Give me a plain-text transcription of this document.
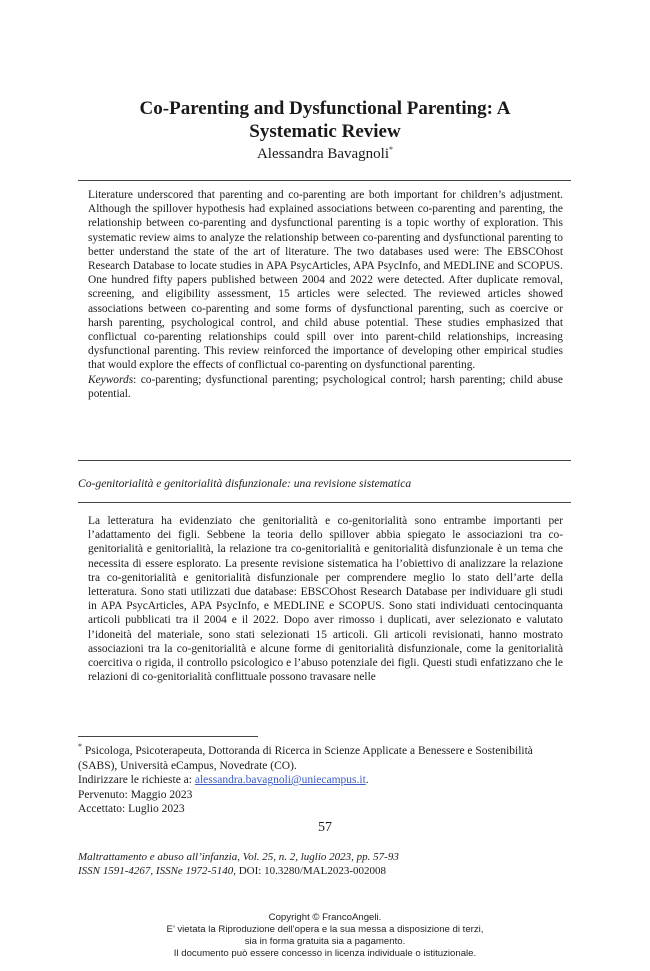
Co-Parenting and Dysfunctional Parenting: A
Systematic Review
Alessandra Bavagnoli*

Literature underscored that parenting and co-parenting are both important for children’s adjustment. Although the spillover hypothesis had explained associations between co-parenting and parenting, the relationship between co-parenting and dysfunctional parenting is a topic worthy of exploration. This systematic review aims to analyze the relationship between co-parenting and dysfunctional parenting to better understand the state of the art of literature. The two databases used were: The EBSCOhost Research Database to locate studies in APA PsycArticles, APA PsycInfo, and MEDLINE and SCOPUS. One hundred fifty papers published between 2004 and 2022 were detected. After duplicate removal, screening, and eligibility assessment, 15 articles were selected. The reviewed articles showed associations between co-parenting and some forms of dysfunctional parenting, such as coercive or harsh parenting, psychological control, and child abuse potential. These studies emphasized that conflictual co-parenting relationships could spill over into parent-child relationships, increasing dysfunctional parenting. This review reinforced the importance of developing other empirical studies that would explore the effects of conflictual co-parenting on dysfunctional parenting.

Keywords: co-parenting; dysfunctional parenting; psychological control; harsh parenting; child abuse potential.

Co-genitorialità e genitorialità disfunzionale: una revisione sistematica

La letteratura ha evidenziato che genitorialità e co-genitorialità sono entrambe importanti per l’adattamento dei figli. Sebbene la teoria dello spillover abbia spiegato le associazioni tra co-genitorialità e genitorialità, la relazione tra co-genitorialità e genitorialità disfunzionale è un tema che necessita di essere esplorato. La presente revisione sistematica ha l’obiettivo di analizzare la relazione tra co-genitorialità e genitorialità disfunzionale per comprendere meglio lo stato dell’arte della letteratura. Sono stati utilizzati due database: EBSCOhost Research Database per individuare gli studi in APA PsycArticles, APA PsycInfo, e MEDLINE e SCOPUS. Sono stati individuati centocinquanta articoli pubblicati tra il 2004 e il 2022. Dopo aver rimosso i duplicati, aver selezionato e valutato l’idoneità del materiale, sono stati selezionati 15 articoli. Gli articoli revisionati, hanno mostrato associazioni tra la co-genitorialità e alcune forme di genitorialità disfunzionale, come la genitorialità coercitiva o rigida, il controllo psicologico e l’abuso potenziale dei figli. Questi studi enfatizzano che le relazioni di co-genitorialità conflittuale possono travasare nelle

* Psicologa, Psicoterapeuta, Dottoranda di Ricerca in Scienze Applicate a Benessere e Sostenibilità (SABS), Università eCampus, Novedrate (CO).
Indirizzare le richieste a: alessandra.bavagnoli@uniecampus.it.
Pervenuto: Maggio 2023
Accettato: Luglio 2023
57
Maltrattamento e abuso all’infanzia, Vol. 25, n. 2, luglio 2023, pp. 57-93
ISSN 1591-4267, ISSNe 1972-5140, DOI: 10.3280/MAL2023-002008
Copyright © FrancoAngeli.
E’ vietata la Riproduzione dell’opera e la sua messa a disposizione di terzi,
sia in forma gratuita sia a pagamento.
Il documento può essere concesso in licenza individuale o istituzionale.
